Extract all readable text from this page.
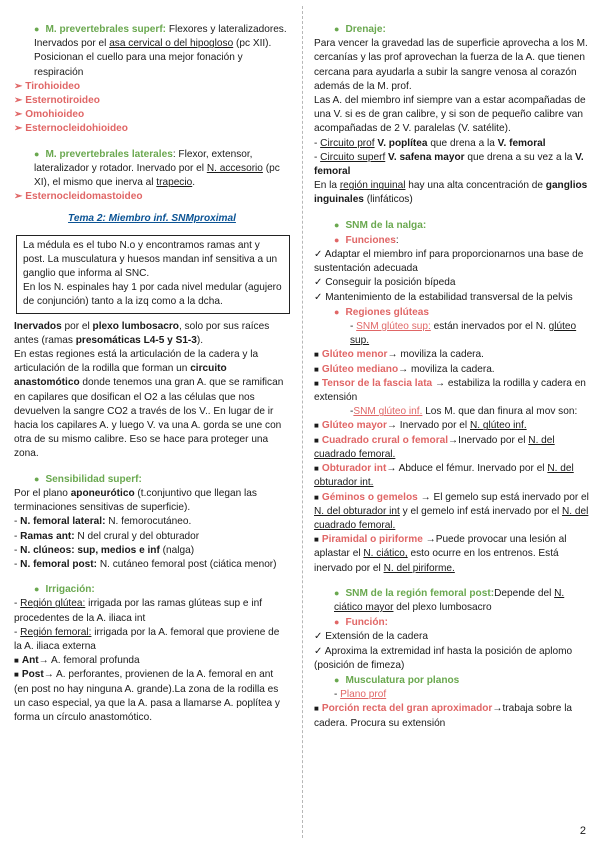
● M. prevertebrales superf: Flexores y lateralizadores. Inervados por el asa cervical o del hipogloso (pc XII). Posicionan el cuello para una mejor fonación y respiración

➢ Tirohioideo

➢ Esternotiroideo

➢ Omohioideo

➢ Esternocleidohioideo

● M. prevertebrales laterales: Flexor, extensor, lateralizador y rotador. Inervado por el N. accesorio (pc XI), el mismo que inerva al trapecio.

➢ Esternocleidomastoideo

Tema 2: Miembro inf. SNMproximal

La médula es el tubo N.o y encontramos ramas ant y post. La musculatura y huesos mandan inf sensitiva a un ganglio que informa al SNC.

En los N. espinales hay 1 por cada nivel medular (agujero de conjunción) tanto a la izq como a la dcha.

Inervados por el plexo lumbosacro, solo por sus raíces antes (ramas presomáticas L4-5 y S1-3).

En estas regiones está la articulación de la cadera y la articulación de la rodilla que forman un circuito anastomótico donde tenemos una gran A. que se ramifican en capilares que dosifican el O2 a las células que nos devuelven la sangre CO2 a través de los V.. En lugar de ir hacia los capilares A. y luego V. va una A. gorda se une con otra de su mismo calibre. Eso se hace para proteger una zona.

● Sensibilidad superf:

Por el plano aponeurótico (t.conjuntivo que llegan las terminaciones sensitivas de superficie).

- N. femoral lateral: N. femorocutáneo.

- Ramas ant: N del crural y del obturador

- N. clúneos: sup, medios e inf (nalga)

- N. femoral post: N. cutáneo femoral post (ciática menor)

● Irrigación:

- Región glútea: irrigada por las ramas glúteas sup e inf procedentes de la A. iliaca int

- Región femoral: irrigada por la A. femoral que proviene de la A. iliaca externa

■ Ant→ A. femoral profunda

■ Post→ A. perforantes, provienen de la A. femoral en ant (en post no hay ninguna A. grande).La zona de la rodilla es un caso especial, ya que la A. pasa a llamarse A. poplítea y forma un círculo anastomótico.

● Drenaje:

Para vencer la gravedad las de superficie aprovecha a los M. cercanías y las prof aprovechan la fuerza de la A. que tienen cercana para ayudarla a subir la sangre venosa al corazón además de la M. prof.

Las A. del miembro inf siempre van a estar acompañadas de una V. si es de gran calibre, y si son de pequeño calibre van acompañadas de 2 V. paralelas (V. satélite).

- Circuito prof V. poplítea que drena a la V. femoral

- Circuito superf V. safena mayor que drena a su vez a la V. femoral

En la región inguinal hay una alta concentración de ganglios inguinales (linfáticos)

● SNM de la nalga:

● Funciones:

✓ Adaptar el miembro inf para proporcionarnos una base de sustentación adecuada

✓ Conseguir la posición bípeda

✓ Mantenimiento de la estabilidad transversal de la pelvis

● Regiones glúteas

- SNM glúteo sup: están inervados por el N. glúteo sup.

■ Glúteo menor→ moviliza la cadera.

■ Glúteo mediano→ moviliza la cadera.

■ Tensor de la fascia lata → estabiliza la rodilla y cadera en extensión

-SNM glúteo inf. Los M. que dan finura al mov son:

■ Glúteo mayor→ Inervado por el N. glúteo inf.

■ Cuadrado crural o femoral→Inervado por el N. del cuadrado femoral.

■ Obturador int→ Abduce el fémur. Inervado por el N. del obturador int.

■ Géminos o gemelos → El gemelo sup está inervado por el N. del obturador int y el gemelo inf está inervado por el N. del cuadrado femoral.

■ Piramidal o piriforme →Puede provocar una lesión al aplastar el N. ciático, esto ocurre en los entrenos. Está inervado por el N. del piriforme.

● SNM de la región femoral post:Depende del N. ciático mayor del plexo lumbosacro

● Función:

✓ Extensión de la cadera

✓ Aproxima la extremidad inf hasta la posición de aplomo (posición de fimeza)

● Musculatura por planos

- Plano prof

■ Porción recta del gran aproximador→trabaja sobre la cadera. Procura su extensión

2
